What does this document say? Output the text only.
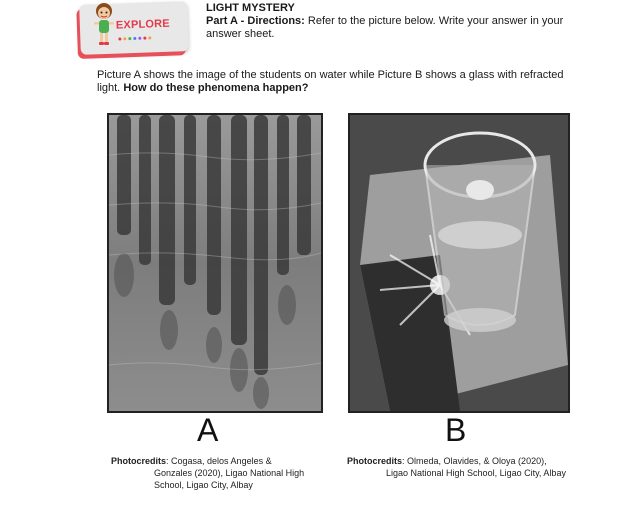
EXPLORE
LIGHT MYSTERY
Part A - Directions: Refer to the picture below. Write your answer in your answer sheet.
Picture A shows the image of the students on water while Picture B shows a glass with refracted light. How do these phenomena happen?
A	B
Photocredits: Cogasa, delos Angeles &
Gonzales (2020), Ligao National High School, Ligao City, Albay
Photocredits: Olmeda, Olavides, & Oloya (2020),
Ligao National High School, Ligao City, Albay
